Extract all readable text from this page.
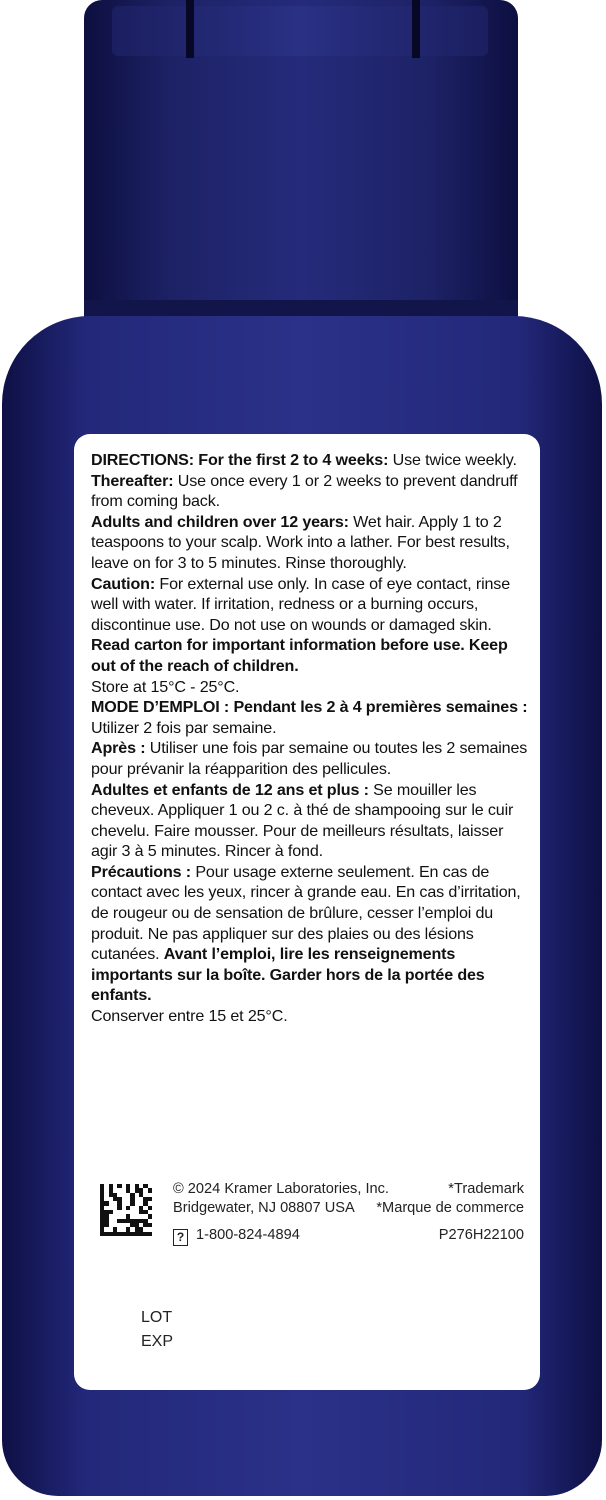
DIRECTIONS: For the first 2 to 4 weeks: Use twice weekly.

Thereafter: Use once every 1 or 2 weeks to prevent dandruff from coming back.

Adults and children over 12 years: Wet hair. Apply 1 to 2 teaspoons to your scalp. Work into a lather. For best results, leave on for 3 to 5 minutes. Rinse thoroughly.

Caution: For external use only. In case of eye contact, rinse well with water. If irritation, redness or a burning occurs, discontinue use. Do not use on wounds or damaged skin. Read carton for important information before use. Keep out of the reach of children.

Store at 15°C - 25°C.

MODE D’EMPLOI : Pendant les 2 à 4 premières semaines : Utilizer 2 fois par semaine.

Après : Utiliser une fois par semaine ou toutes les 2 semaines pour prévanir la réapparition des pellicules.

Adultes et enfants de 12 ans et plus : Se mouiller les cheveux. Appliquer 1 ou 2 c. à thé de shampooing sur le cuir chevelu. Faire mousser. Pour de meilleurs résultats, laisser agir 3 à 5 minutes. Rincer à fond.

Précautions : Pour usage externe seulement. En cas de contact avec les yeux, rincer à grande eau. En cas d’irritation, de rougeur ou de sensation de brûlure, cesser l’emploi du produit. Ne pas appliquer sur des plaies ou des lésions cutanées. Avant l’emploi, lire les renseignements importants sur la boîte. Garder hors de la portée des enfants.

Conserver entre 15 et 25°C.

© 2024 Kramer Laboratories, Inc.
Bridgewater, NJ 08807 USA
*Trademark
*Marque de commerce
? 1-800-824-4894	P276H22100
LOT
EXP
